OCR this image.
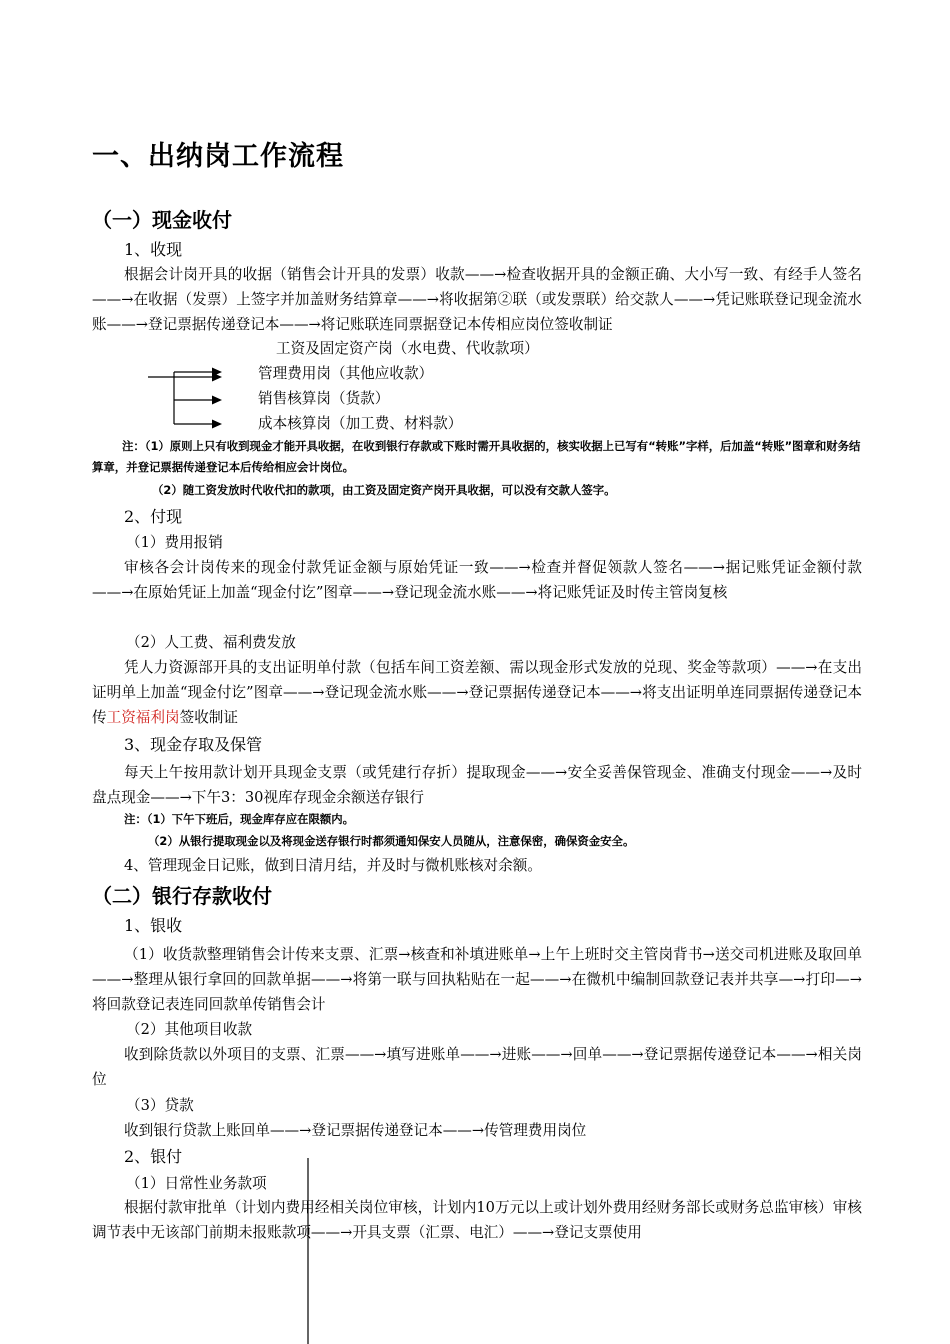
一、出纳岗工作流程
（一）现金收付
1、收现
根据会计岗开具的收据（销售会计开具的发票）收款——→检查收据开具的金额正确、大小写一致、有经手人签名——→在收据（发票）上签字并加盖财务结算章——→将收据第②联（或发票联）给交款人——→凭记账联登记现金流水账——→登记票据传递登记本——→将记账联连同票据登记本传相应岗位签收制证
工资及固定资产岗（水电费、代收款项）
管理费用岗（其他应收款）
销售核算岗（货款）
成本核算岗（加工费、材料款）
注：（1）原则上只有收到现金才能开具收据，在收到银行存款或下账时需开具收据的，核实收据上已写有“转账”字样，后加盖“转账”图章和财务结算章，并登记票据传递登记本后传给相应会计岗位。
（2）随工资发放时代收代扣的款项，由工资及固定资产岗开具收据，可以没有交款人签字。
2、付现
（1）费用报销
审核各会计岗传来的现金付款凭证金额与原始凭证一致——→检查并督促领款人签名——→据记账凭证金额付款——→在原始凭证上加盖“现金付讫”图章——→登记现金流水账——→将记账凭证及时传主管岗复核
（2）人工费、福利费发放
凭人力资源部开具的支出证明单付款（包括车间工资差额、需以现金形式发放的兑现、奖金等款项）——→在支出证明单上加盖“现金付讫”图章——→登记现金流水账——→登记票据传递登记本——→将支出证明单连同票据传递登记本传工资福利岗签收制证
3、现金存取及保管
每天上午按用款计划开具现金支票（或凭建行存折）提取现金——→安全妥善保管现金、准确支付现金——→及时盘点现金——→下午3：30视库存现金余额送存银行
注：（1）下午下班后，现金库存应在限额内。
（2）从银行提取现金以及将现金送存银行时都须通知保安人员随从，注意保密，确保资金安全。
4、管理现金日记账，做到日清月结，并及时与微机账核对余额。
（二）银行存款收付
1、银收
（1）收货款整理销售会计传来支票、汇票→核查和补填进账单→上午上班时交主管岗背书→送交司机进账及取回单——→整理从银行拿回的回款单据——→将第一联与回执粘贴在一起——→在微机中编制回款登记表并共享—→打印—→将回款登记表连同回款单传销售会计
（2）其他项目收款
收到除货款以外项目的支票、汇票——→填写进账单——→进账——→回单——→登记票据传递登记本——→相关岗位
（3）贷款
收到银行贷款上账回单——→登记票据传递登记本——→传管理费用岗位
2、银付
（1）日常性业务款项
根据付款审批单（计划内费用经相关岗位审核，计划内10万元以上或计划外费用经财务部长或财务总监审核）审核调节表中无该部门前期未报账款项——→开具支票（汇票、电汇）——→登记支票使用
